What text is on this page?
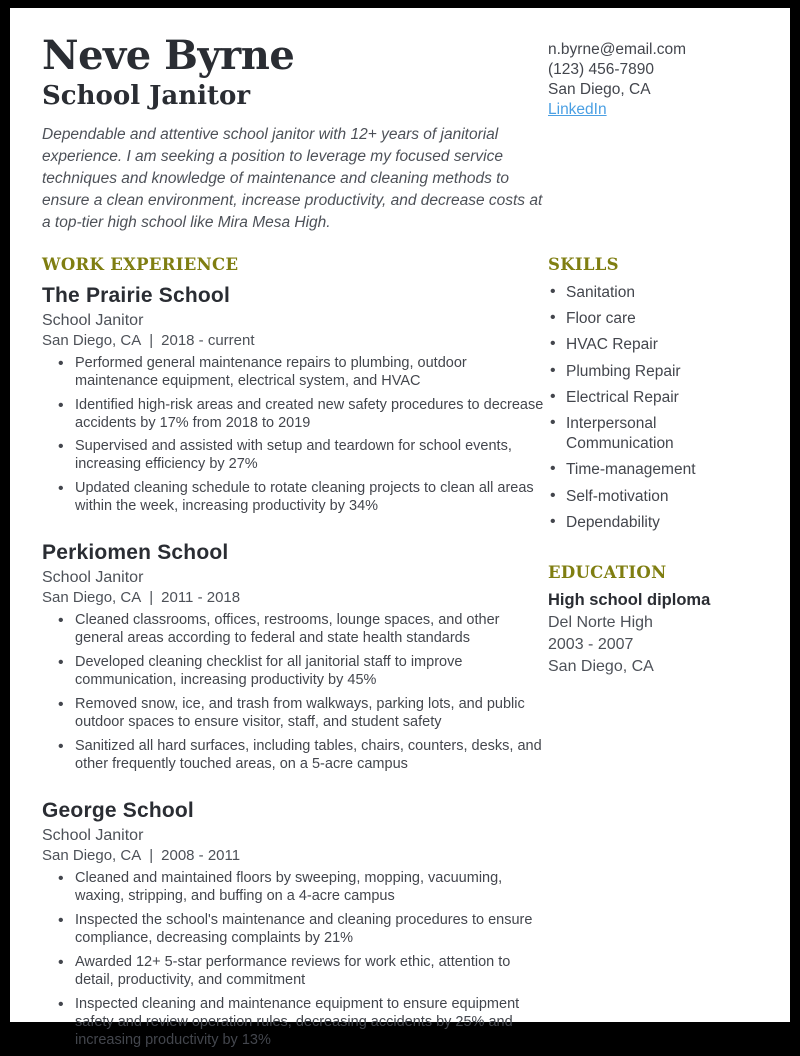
Neve Byrne
School Janitor

Dependable and attentive school janitor with 12+ years of janitorial experience. I am seeking a position to leverage my focused service techniques and knowledge of maintenance and cleaning methods to ensure a clean environment, increase productivity, and decrease costs at a top-tier high school like Mira Mesa High.

n.byrne@email.com
(123) 456-7890
San Diego, CA
LinkedIn
WORK EXPERIENCE
The Prairie School
School Janitor
San Diego, CA | 2018 - current
• Performed general maintenance repairs to plumbing, outdoor maintenance equipment, electrical system, and HVAC
• Identified high-risk areas and created new safety procedures to decrease accidents by 17% from 2018 to 2019
• Supervised and assisted with setup and teardown for school events, increasing efficiency by 27%
• Updated cleaning schedule to rotate cleaning projects to clean all areas within the week, increasing productivity by 34%
Perkiomen School
School Janitor
San Diego, CA | 2011 - 2018
• Cleaned classrooms, offices, restrooms, lounge spaces, and other general areas according to federal and state health standards
• Developed cleaning checklist for all janitorial staff to improve communication, increasing productivity by 45%
• Removed snow, ice, and trash from walkways, parking lots, and public outdoor spaces to ensure visitor, staff, and student safety
• Sanitized all hard surfaces, including tables, chairs, counters, desks, and other frequently touched areas, on a 5-acre campus
George School
School Janitor
San Diego, CA | 2008 - 2011
• Cleaned and maintained floors by sweeping, mopping, vacuuming, waxing, stripping, and buffing on a 4-acre campus
• Inspected the school's maintenance and cleaning procedures to ensure compliance, decreasing complaints by 21%
• Awarded 12+ 5-star performance reviews for work ethic, attention to detail, productivity, and commitment
• Inspected cleaning and maintenance equipment to ensure equipment safety and review operation rules, decreasing accidents by 25% and increasing productivity by 13%
SKILLS
• Sanitation
• Floor care
• HVAC Repair
• Plumbing Repair
• Electrical Repair
• Interpersonal Communication
• Time-management
• Self-motivation
• Dependability
EDUCATION
High school diploma
Del Norte High
2003 - 2007
San Diego, CA
